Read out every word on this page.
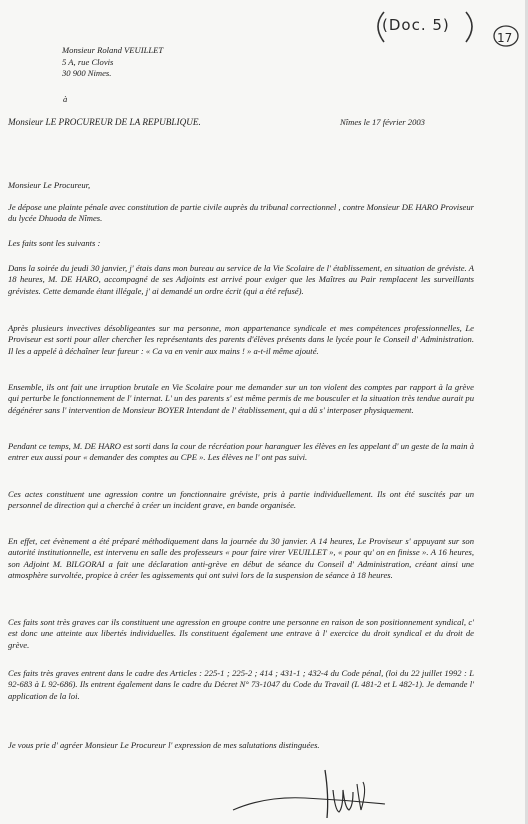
(Doc. 5)
17
Monsieur Roland VEUILLET
5 A, rue Clovis
30 900 Nimes.
à
Monsieur LE PROCUREUR DE LA REPUBLIQUE.	Nîmes le 17 février 2003
Monsieur Le Procureur,

Je dépose une plainte pénale avec constitution de partie civile auprès du tribunal correctionnel , contre Monsieur DE HARO Proviseur du lycée Dhuoda de Nîmes.

Les faits sont les suivants :

Dans la soirée du jeudi 30 janvier, j' étais dans mon bureau au service de la Vie Scolaire de l' établissement, en situation de gréviste. A 18 heures, M. DE HARO, accompagné de ses Adjoints est arrivé pour exiger que les Maîtres au Pair remplacent les surveillants grévistes. Cette demande étant illégale, j' ai demandé un ordre écrit (qui a été refusé).

Après plusieurs invectives désobligeantes sur ma personne, mon appartenance syndicale et mes compétences professionnelles, Le Proviseur est sorti pour aller chercher les représentants des parents d'élèves présents dans le lycée pour le Conseil d' Administration. Il les a appelé à déchaîner leur fureur : « Ca va en venir aux mains ! » a-t-il même ajouté.

Ensemble, ils ont fait une irruption brutale en Vie Scolaire pour me demander sur un ton violent des comptes par rapport à la grève qui perturbe le fonctionnement de l' internat. L' un des parents s' est même permis de me bousculer et la situation très tendue aurait pu dégénérer sans l' intervention de Monsieur BOYER Intendant de l' établissement, qui a dû s' interposer physiquement.

Pendant ce temps, M. DE HARO est sorti dans la cour de récréation pour haranguer les élèves en les appelant d' un geste de la main à entrer eux aussi pour « demander des comptes au CPE ». Les élèves ne l' ont pas suivi.

Ces actes constituent une agression contre un fonctionnaire gréviste, pris à partie individuellement. Ils ont été suscités par un personnel de direction qui a cherché à créer un incident grave, en bande organisée.

En effet, cet évènement a été préparé méthodiquement dans la journée du 30 janvier. A 14 heures, Le Proviseur s' appuyant sur son autorité institutionnelle, est intervenu en salle des professeurs « pour faire virer VEUILLET », « pour qu' on en finisse ». A 16 heures, son Adjoint M. BILGORAI a fait une déclaration anti-grève en début de séance du Conseil d' Administration, créant ainsi une atmosphère survoltée, propice à créer les agissements qui ont suivi lors de la suspension de séance à 18 heures.

Ces faits sont très graves car ils constituent une agression en groupe contre une personne en raison de son positionnement syndical, c' est donc une atteinte aux libertés individuelles. Ils constituent également une entrave à l' exercice du droit syndical et du droit de grève.

Ces faits très graves entrent dans le cadre des Articles : 225-1 ; 225-2 ; 414 ; 431-1 ; 432-4 du Code pénal, (loi du 22 juillet 1992 : L 92-683 à L 92-686). Ils entrent également dans le cadre du Décret N° 73-1047 du Code du Travail (L 481-2 et L 482-1). Je demande l' application de la loi.

Je vous prie d' agréer Monsieur Le Procureur l' expression de mes salutations distinguées.
